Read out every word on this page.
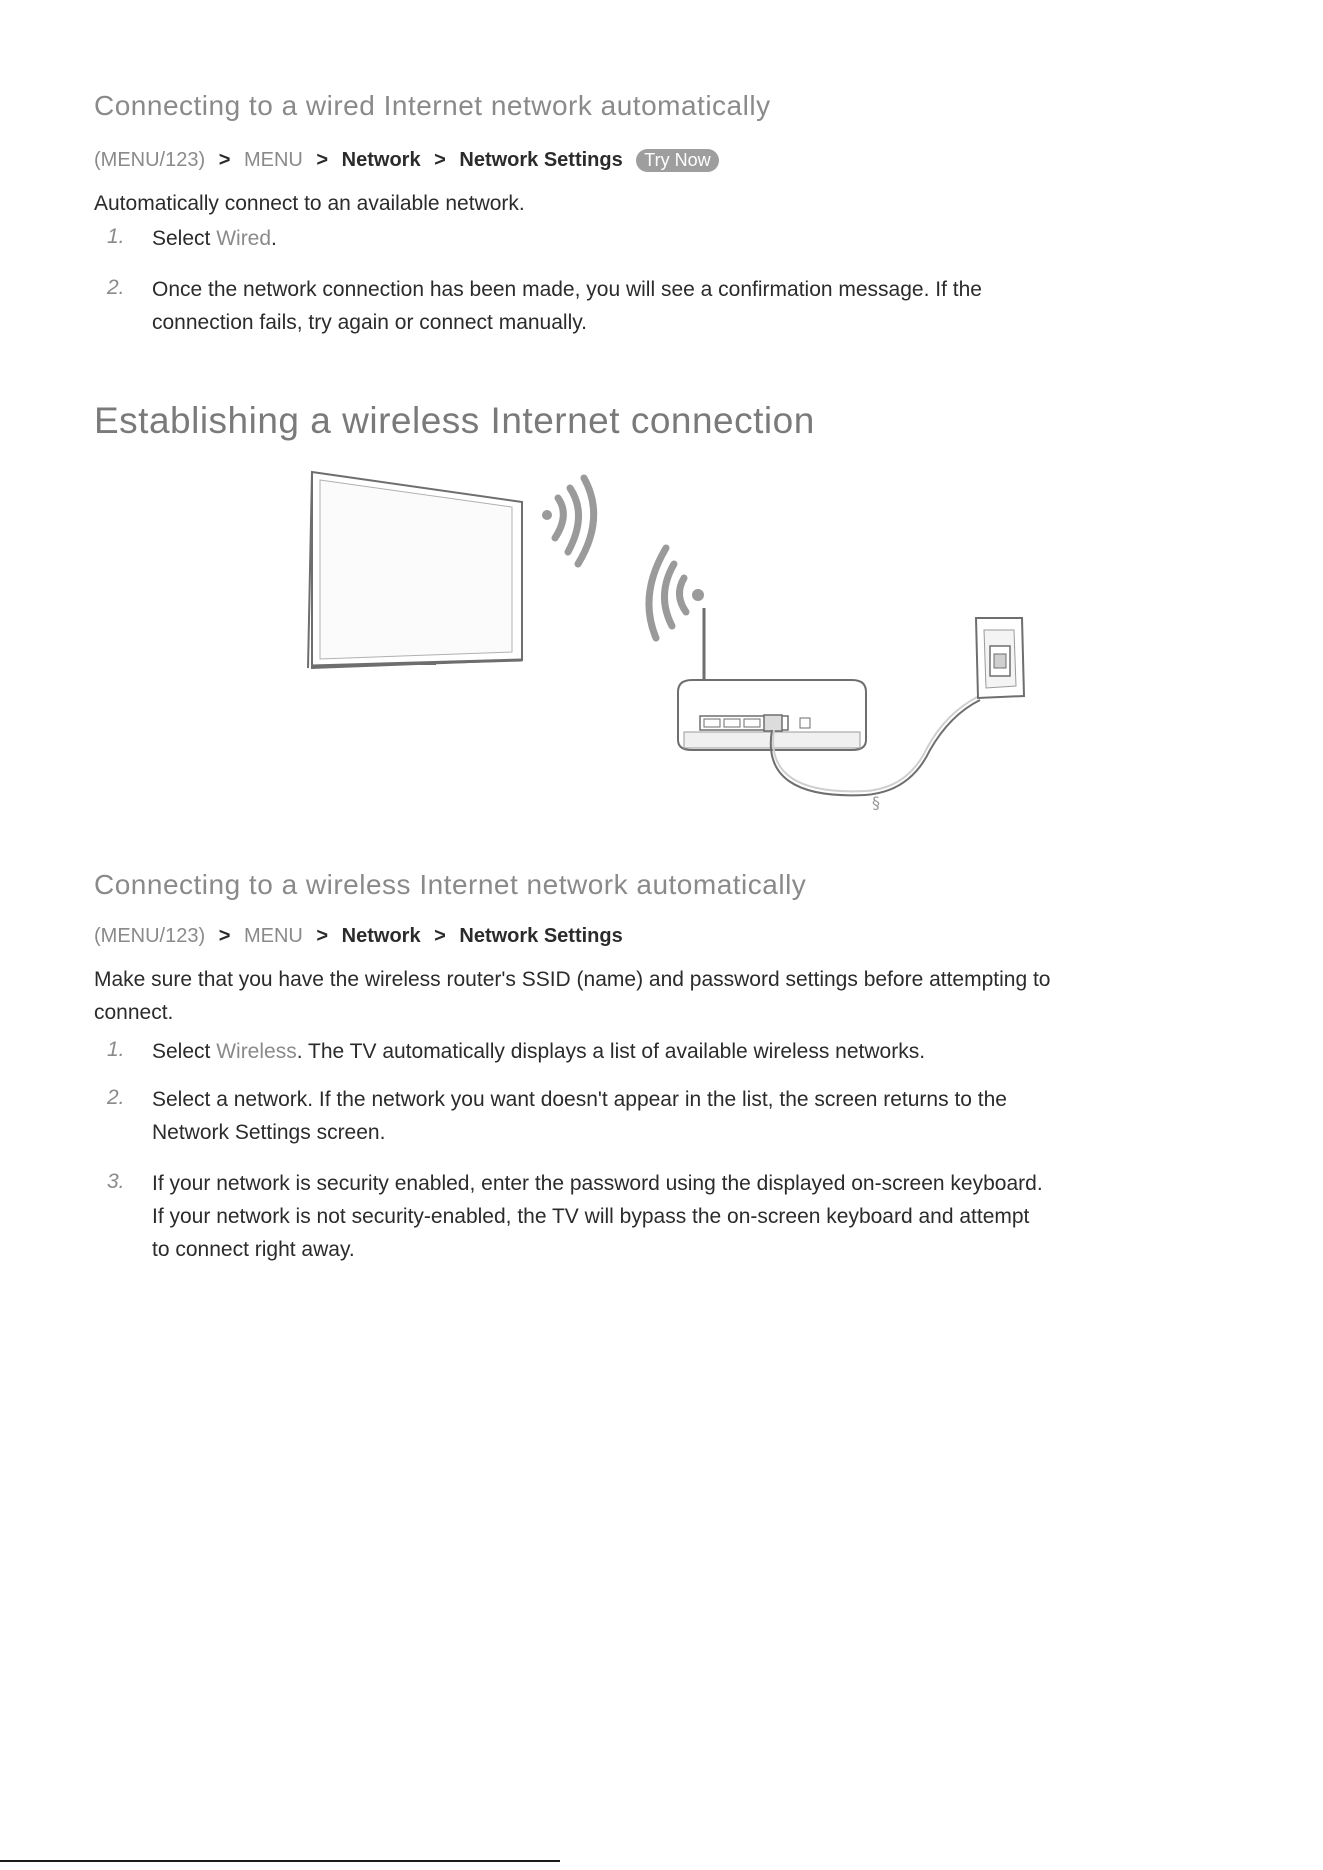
Connecting to a wired Internet network automatically
(MENU/123) > MENU > Network > Network Settings Try Now
Automatically connect to an available network.
1. Select Wired.
2. Once the network connection has been made, you will see a confirmation message. If the
connection fails, try again or connect manually.
Establishing a wireless Internet connection
§
Connecting to a wireless Internet network automatically
(MENU/123) > MENU > Network > Network Settings
Make sure that you have the wireless router's SSID (name) and password settings before attempting to
connect.
1. Select Wireless. The TV automatically displays a list of available wireless networks.
2. Select a network. If the network you want doesn't appear in the list, the screen returns to the
Network Settings screen.
3. If your network is security enabled, enter the password using the displayed on-screen keyboard.
If your network is not security-enabled, the TV will bypass the on-screen keyboard and attempt
to connect right away.
